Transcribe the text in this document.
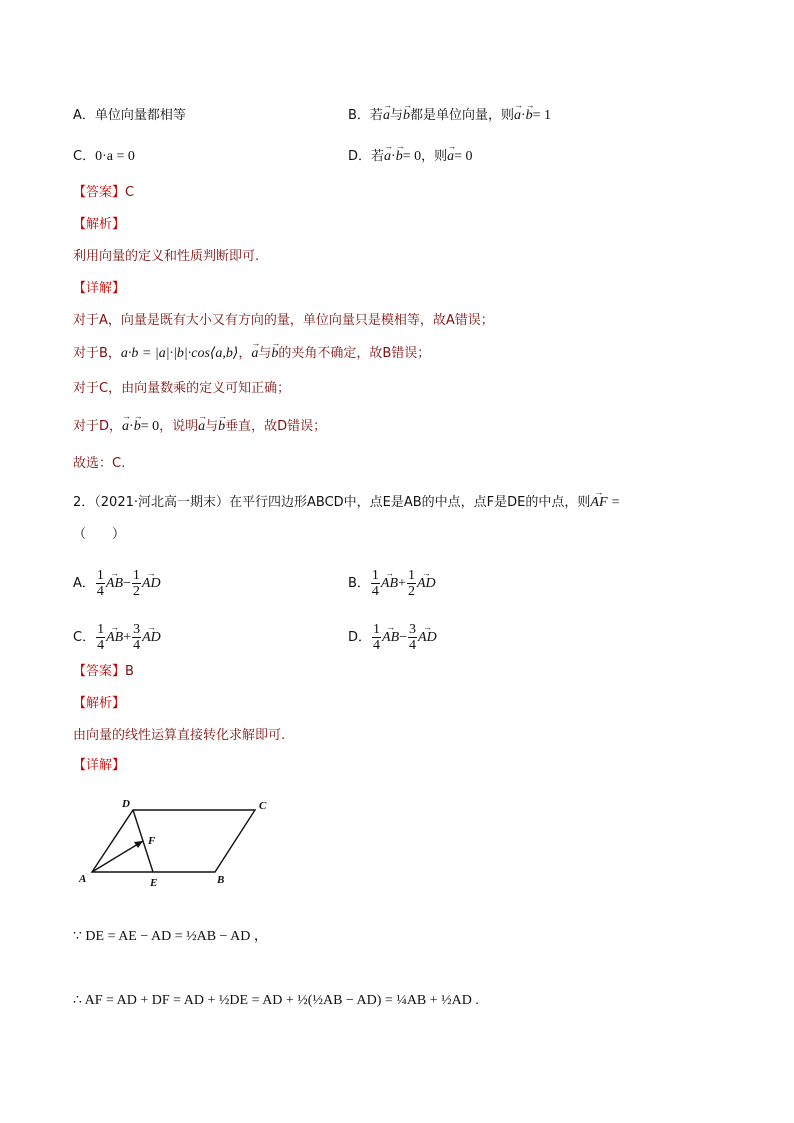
A．单位向量都相等	B．若→ a与→ b都是单位向量，则→ a·→ b= 1
C．0·a = 0	D．若→ a·→ b= 0，则→ a= 0
【答案】C
【解析】
利用向量的定义和性质判断即可.
【详解】
对于A，向量是既有大小又有方向的量，单位向量只是模相等，故A错误；
对于B，a·b = |a|·|b|·cos⟨a,b⟩，→ a与→ b的夹角不确定，故B错误；
对于C，由向量数乘的定义可知正确；
对于D，→ a·→ b= 0，说明→ a与→ b垂直，故D错误；
故选：C.
2．（2021·河北高一期末）在平行四边形ABCD中，点E是AB的中点，点F是DE的中点，则→ AF =
（　　）
A． $\frac{1}{4} \to AB- \frac{1}{2}$ → AD	B． $\frac{1}{4} \to AB+ \frac{1}{2}$ → AD
C． $\frac{1}{4} \to AB+ \frac{3}{4}$ → AD	D． $\frac{1}{4} \to AB- \frac{3}{4}$ → AD
【答案】B
【解析】
由向量的线性运算直接转化求解即可.
【详解】
A	B
C
D
E
F
∵ DE = AE − AD = ½AB − AD ，
∴ AF = AD + DF = AD + ½DE = AD + ½(½AB − AD) = ¼AB + ½AD .
